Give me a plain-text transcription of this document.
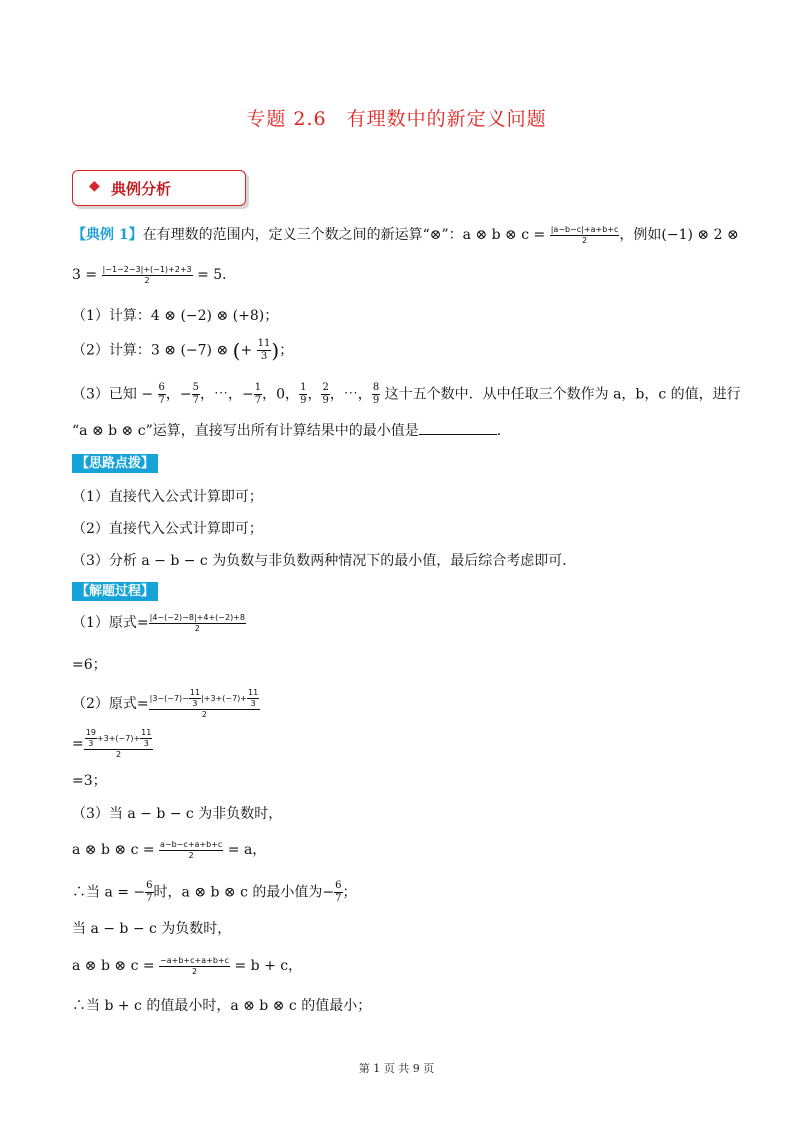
专题 2.6　有理数中的新定义问题
◆ 典例分析
【典例 1】在有理数的范围内，定义三个数之间的新运算“⊗”：a ⊗ b ⊗ $c = \frac{|a-b-c|+a+b+c}{2}$ ，例如(−1) ⊗ 2 ⊗
$3 = \frac{|-1-2-3|+(-1)+2+3}{2} = 5$．
（1）计算：4 ⊗ (−2) ⊗ (+8)；
（2）计算：3 ⊗ (−7) ⊗ (+ $\frac{11}{3}$ )；
（3）已知 − $\frac{6}{7}$ ，− $\frac{5}{7}$ ，⋯，− $\frac{1}{7}$ ，0， $\frac{1}{9}$ ， $\frac{2}{9}$ ，⋯， $\frac{8}{9}$ 这十五个数中．从中任取三个数作为 a，b，c 的值，进行
“a ⊗ b ⊗ c”运算，直接写出所有计算结果中的最小值是	．
【思路点拨】
（1）直接代入公式计算即可；
（2）直接代入公式计算即可；
（3）分析 a − b − c 为负数与非负数两种情况下的最小值，最后综合考虑即可．
【解题过程】
（1）原式= $\frac{|4-(-2)-8|+4+(-2)+8}{2}$
=6；
（2）原式= $\frac{|3-(-7)- \frac{11}{3} |+3+(-7)+ \frac{11}{3}}{2}$
= $\frac{\frac{19}{3} +3+(-7)+ \frac{11}{3}}{2}$
=3；
（3）当 a − b − c 为非负数时，
a ⊗ b ⊗ $c = \frac{a-b-c+a+b+c}{2} = a$，
∴当 a = − $\frac{6}{7}$ 时，a ⊗ b ⊗ c 的最小值为− $\frac{6}{7}$ ；
当 a − b − c 为负数时，
a ⊗ b ⊗ $c = \frac{-a+b+c+a+b+c}{2} = b + c$，
∴当 b + c 的值最小时，a ⊗ b ⊗ c 的值最小；
第 1 页 共 9 页
